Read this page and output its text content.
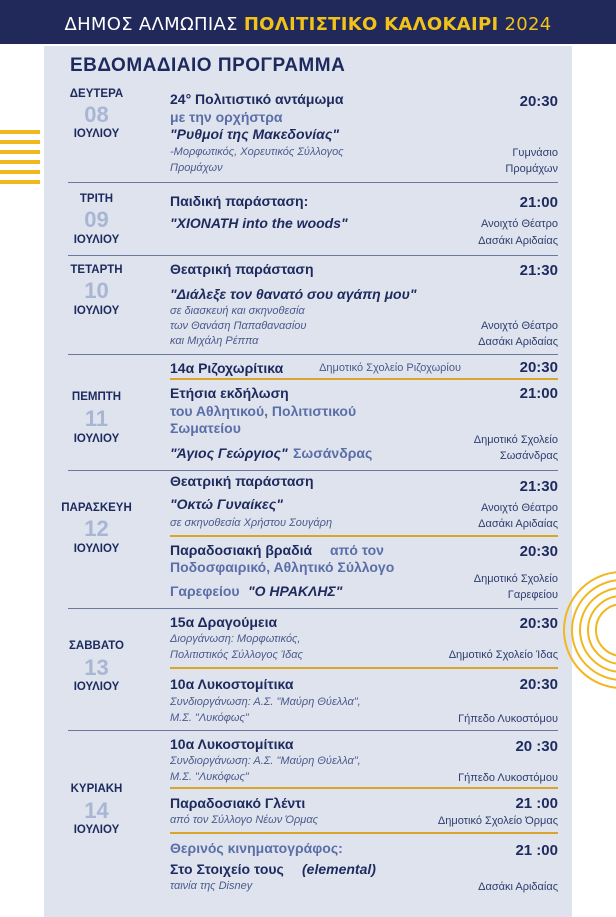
ΔΗΜΟΣ ΑΛΜΩΠΙΑΣ ΠΟΛΙΤΙΣΤΙΚΟ ΚΑΛΟΚΑΙΡΙ 2024
ΕΒΔΟΜΑΔΙΑΙΟ ΠΡΟΓΡΑΜΜΑ
ΔΕΥΤΕΡΑ
08
ΙΟΥΛΙΟΥ
24° Πολιτιστικό αντάμωμα
με την ορχήστρα
"Ρυθμοί της Μακεδονίας"
-Μορφωτικός, Χορευτικός Σύλλογος
Προμάχων
20:30
Γυμνάσιο
Προμάχων
ΤΡΙΤΗ
09
ΙΟΥΛΙΟΥ
Παιδική παράσταση:
"ΧΙΟΝΑΤΗ into the woods"
21:00
Ανοιχτό Θέατρο
Δασάκι Αριδαίας
ΤΕΤΑΡΤΗ
10
ΙΟΥΛΙΟΥ
Θεατρική παράσταση
"Διάλεξε τον θανατό σου αγάπη μου"
σε διασκευή και σκηνοθεσία
των Θανάση Παπαθανασίου
και Μιχάλη Ρέππα
21:30
Ανοιχτό Θέατρο
Δασάκι Αριδαίας
ΠΕΜΠΤΗ
11
ΙΟΥΛΙΟΥ
14α Ριζοχωρίτικα	Δημοτικό Σχολείο Ριζοχωρίου	20:30
Ετήσια εκδήλωση
του Αθλητικού, Πολιτιστικού
Σωματείου
"Άγιος Γεώργιος" Σωσάνδρας
21:00
Δημοτικό Σχολείο
Σωσάνδρας
ΠΑΡΑΣΚΕΥΗ
12
ΙΟΥΛΙΟΥ
Θεατρική παράσταση
"Οκτώ Γυναίκες"
σε σκηνοθεσία Χρήστου Σουγάρη
21:30
Ανοιχτό Θέατρο
Δασάκι Αριδαίας
Παραδοσιακή βραδιά από τον
Ποδοσφαιρικό, Αθλητικό Σύλλογο
Γαρεφείου "Ο ΗΡΑΚΛΗΣ"
20:30
Δημοτικό Σχολείο
Γαρεφείου
ΣΑΒΒΑΤΟ
13
ΙΟΥΛΙΟΥ
15α Δραγούμεια
Διοργάνωση: Μορφωτικός,
Πολιτιστικός Σύλλογος Ίδας
20:30
Δημοτικό Σχολείο Ίδας
10α Λυκοστομίτικα
Συνδιοργάνωση: Α.Σ. "Μαύρη Θύελλα",
Μ.Σ. "Λυκόφως"
20:30
Γήπεδο Λυκοστόμου
ΚΥΡΙΑΚΗ
14
ΙΟΥΛΙΟΥ
10α Λυκοστομίτικα
Συνδιοργάνωση: Α.Σ. "Μαύρη Θύελλα",
Μ.Σ. "Λυκόφως"
20 :30
Γήπεδο Λυκοστόμου
Παραδοσιακό Γλέντι
από τον Σύλλογο Νέων Όρμας
21 :00
Δημοτικό Σχολείο Όρμας
Θερινός κινηματογράφος:
Στο Στοιχείο τους (elemental)
ταινία της Disney
21 :00
Δασάκι Αριδαίας
